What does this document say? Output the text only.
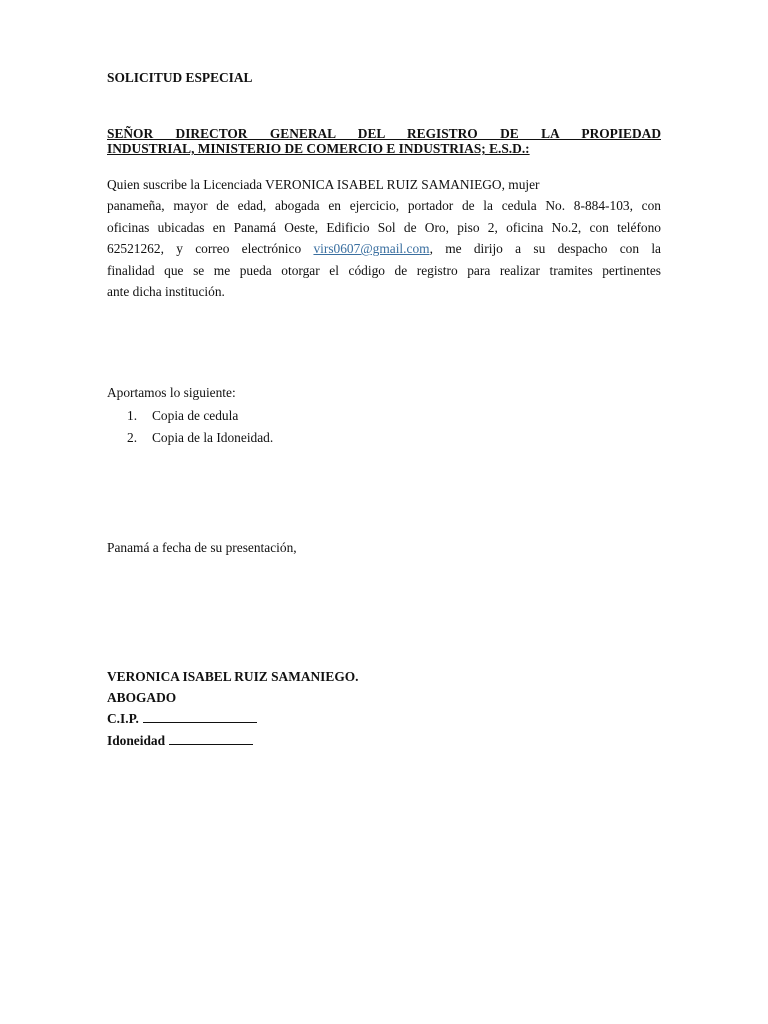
SOLICITUD ESPECIAL
SEÑOR DIRECTOR GENERAL DEL REGISTRO DE LA PROPIEDAD
INDUSTRIAL, MINISTERIO DE COMERCIO E INDUSTRIAS; E.S.D.:
Quien suscribe la Licenciada VERONICA ISABEL RUIZ SAMANIEGO, mujer
panameña, mayor de edad, abogada en ejercicio, portador de la cedula No. 8-884-103, con
oficinas ubicadas en Panamá Oeste, Edificio Sol de Oro, piso 2, oficina No.2, con teléfono
62521262, y correo electrónico virs0607@gmail.com, me dirijo a su despacho con la
finalidad que se me pueda otorgar el código de registro para realizar tramites pertinentes
ante dicha institución.
Aportamos lo siguiente:
1. Copia de cedula
2. Copia de la Idoneidad.
Panamá a fecha de su presentación,
VERONICA ISABEL RUIZ SAMANIEGO.
ABOGADO
C.I.P.
Idoneidad
